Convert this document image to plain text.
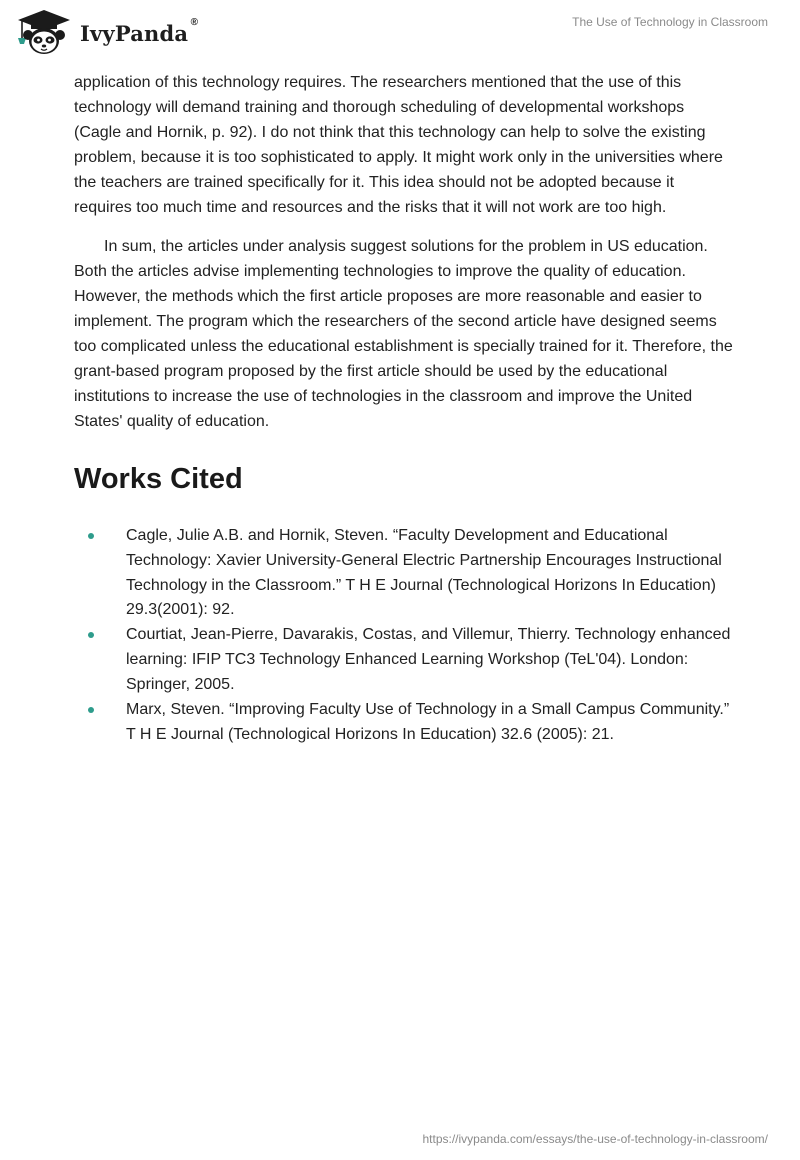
IvyPanda ®	The Use of Technology in Classroom

application of this technology requires. The researchers mentioned that the use of this technology will demand training and thorough scheduling of developmental workshops (Cagle and Hornik, p. 92). I do not think that this technology can help to solve the existing problem, because it is too sophisticated to apply. It might work only in the universities where the teachers are trained specifically for it. This idea should not be adopted because it requires too much time and resources and the risks that it will not work are too high.

In sum, the articles under analysis suggest solutions for the problem in US education. Both the articles advise implementing technologies to improve the quality of education. However, the methods which the first article proposes are more reasonable and easier to implement. The program which the researchers of the second article have designed seems too complicated unless the educational establishment is specially trained for it. Therefore, the grant-based program proposed by the first article should be used by the educational institutions to increase the use of technologies in the classroom and improve the United States' quality of education.

Works Cited
Cagle, Julie A.B. and Hornik, Steven. “Faculty Development and Educational Technology: Xavier University-General Electric Partnership Encourages Instructional Technology in the Classroom.” T H E Journal (Technological Horizons In Education) 29.3(2001): 92.
Courtiat, Jean-Pierre, Davarakis, Costas, and Villemur, Thierry. Technology enhanced learning: IFIP TC3 Technology Enhanced Learning Workshop (TeL'04). London: Springer, 2005.
Marx, Steven. “Improving Faculty Use of Technology in a Small Campus Community.” T H E Journal (Technological Horizons In Education) 32.6 (2005): 21.
https://ivypanda.com/essays/the-use-of-technology-in-classroom/
